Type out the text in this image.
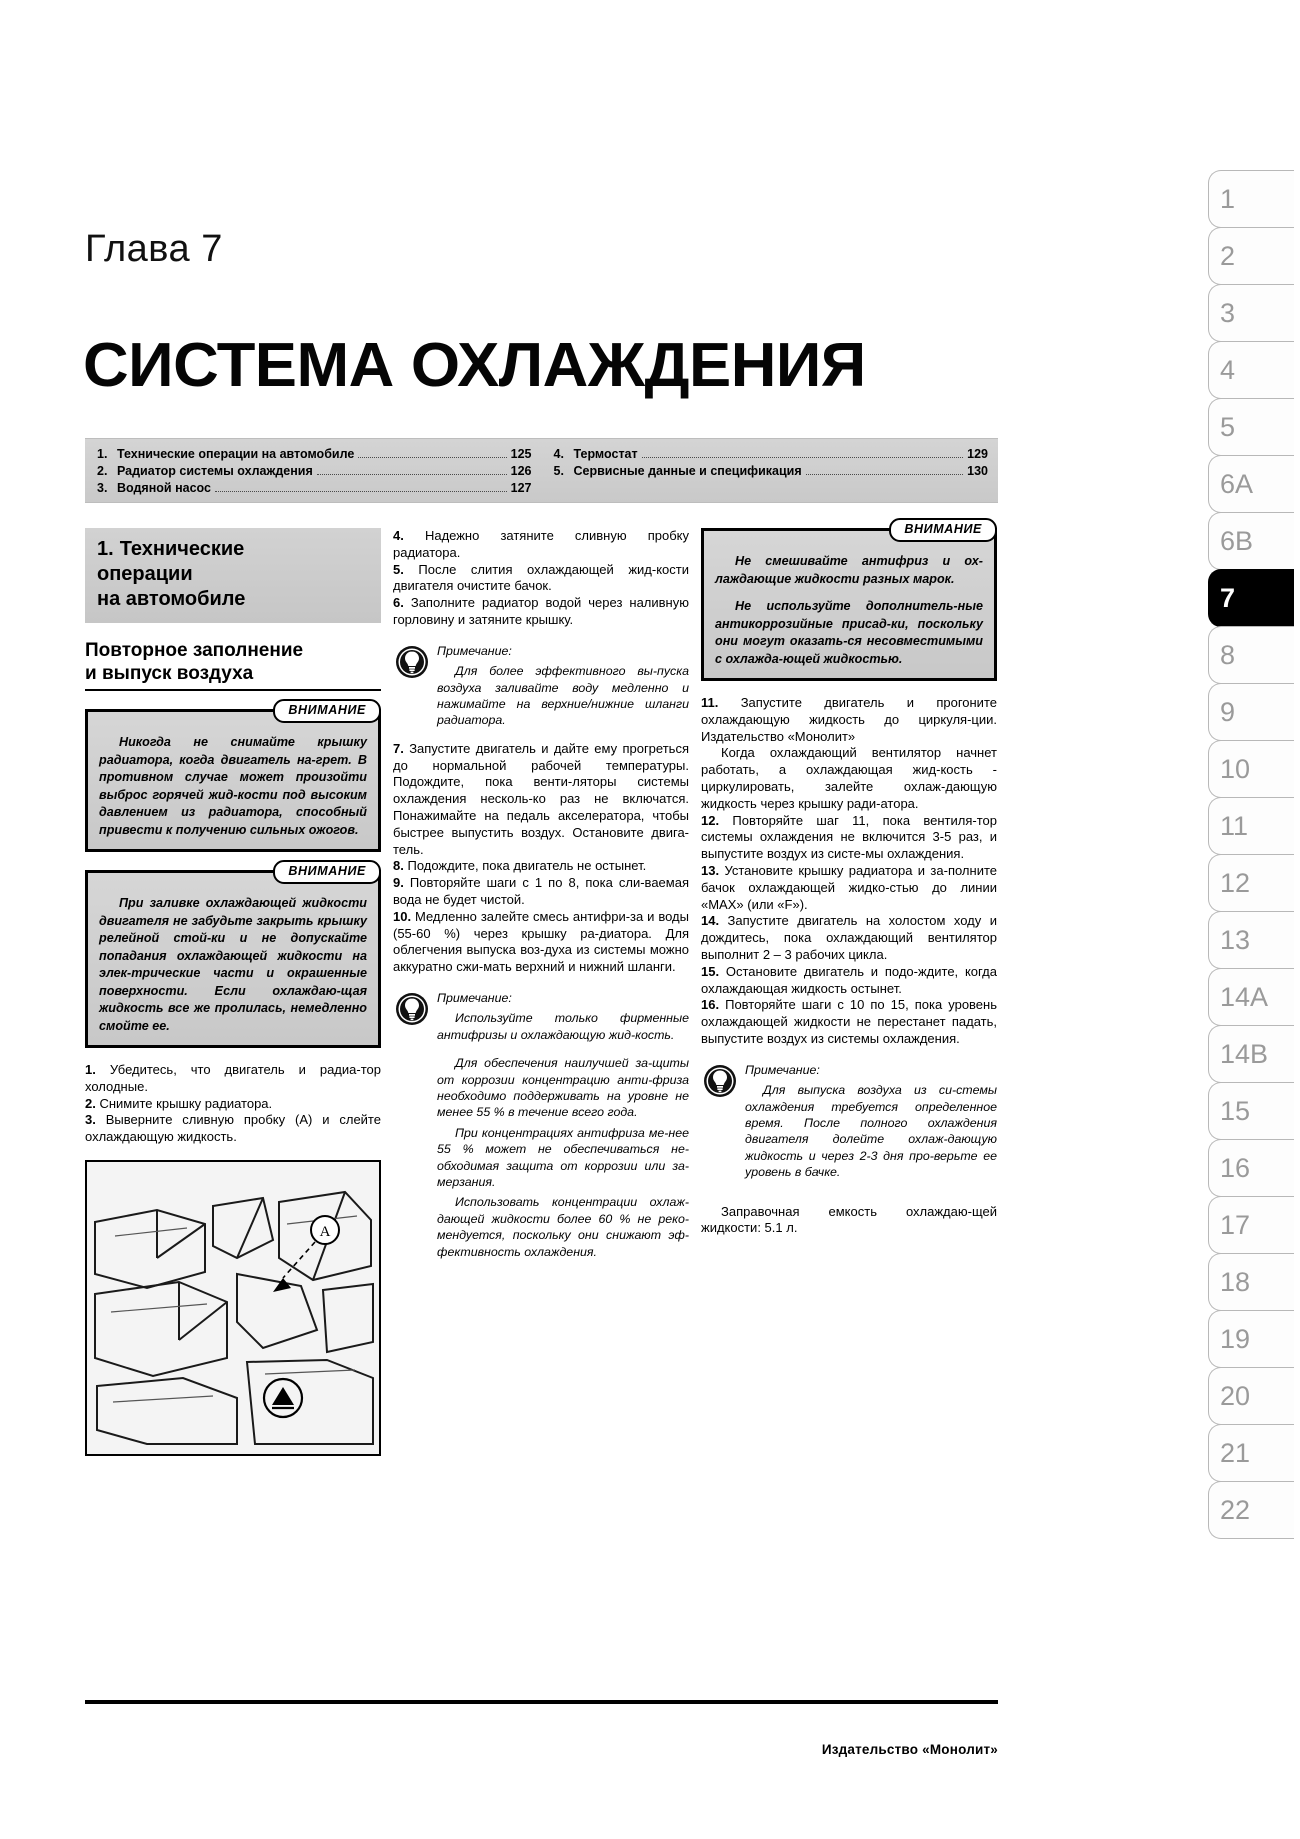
Глава 7
СИСТЕМА ОХЛАЖДЕНИЯ
1. Технические операции на автомобиле	125
2. Радиатор системы охлаждения	126
3. Водяной насос	127
4. Термостат	129
5. Сервисные данные и спецификация	130
1. Технические
операции
на автомобиле
Повторное заполнение
и выпуск воздуха
ВНИМАНИЕ

Никогда не снимайте крышку радиатора, когда двигатель на-грет. В противном случае может произойти выброс горячей жид-кости под высоким давлением из радиатора, способный привести к получению сильных ожогов.

ВНИМАНИЕ

При заливке охлаждающей жидкости двигателя не забудьте закрыть крышку релейной стой-ки и не допускайте попадания охлаждающей жидкости на элек-трические части и окрашенные поверхности. Если охлаждаю-щая жидкость все же пролилась, немедленно смойте ее.

1. Убедитесь, что двигатель и радиа-тор холодные.

2. Снимите крышку радиатора.

3. Выверните сливную пробку (А) и слейте охлаждающую жидкость.

А

4. Надежно затяните сливную пробку радиатора.

5. После слития охлаждающей жид-кости двигателя очистите бачок.

6. Заполните радиатор водой через наливную горловину и затяните крышку.

Примечание:

Для более эффективного вы-пуска воздуха заливайте воду медленно и нажимайте на верхние/нижние шланги радиатора.

7. Запустите двигатель и дайте ему прогреться до нормальной рабочей температуры. Подождите, пока венти-ляторы системы охлаждения несколь-ко раз не включатся. Понажимайте на педаль акселератора, чтобы быстрее выпустить воздух. Остановите двига-тель.

8. Подождите, пока двигатель не остынет.

9. Повторяйте шаги с 1 по 8, пока сли-ваемая вода не будет чистой.

10. Медленно залейте смесь антифри-за и воды (55-60 %) через крышку ра-диатора. Для облегчения выпуска воз-духа из системы можно аккуратно сжи-мать верхний и нижний шланги.

Примечание:

Используйте только фирменные антифризы и охлаждающую жид-кость.

Для обеспечения наилучшей за-щиты от коррозии концентрацию анти-фриза необходимо поддерживать на уровне не менее 55 % в течение всего года.

При концентрациях антифриза ме-нее 55 % может не обеспечиваться не-обходимая защита от коррозии или за-мерзания.

Использовать концентрации охлаж-дающей жидкости более 60 % не реко-мендуется, поскольку они снижают эф-фективность охлаждения.

ВНИМАНИЕ

Не смешивайте антифриз и ох-лаждающие жидкости разных марок.

Не используйте дополнитель-ные антикоррозийные присад-ки, поскольку они могут оказать-ся несовместимыми с охлажда-ющей жидкостью.

11. Запустите двигатель и прогоните охлаждающую жидкость до циркуля-ции. Издательство «Монолит»

Когда охлаждающий вентилятор начнет работать, а охлаждающая жид-кость - циркулировать, залейте охлаж-дающую жидкость через крышку ради-атора.

12. Повторяйте шаг 11, пока вентиля-тор системы охлаждения не включится 3-5 раз, и выпустите воздух из систе-мы охлаждения.

13. Установите крышку радиатора и за-полните бачок охлаждающей жидко-стью до линии «МАХ» (или «F»).

14. Запустите двигатель на холостом ходу и дождитесь, пока охлаждающий вентилятор выполнит 2 – 3 рабочих цикла.

15. Остановите двигатель и подо-ждите, когда охлаждающая жидкость остынет.

16. Повторяйте шаги с 10 по 15, пока уровень охлаждающей жидкости не перестанет падать, выпустите воздух из системы охлаждения.

Примечание:

Для выпуска воздуха из си-стемы охлаждения требуется определенное время. После полного охлаждения двигателя долейте охлаж-дающую жидкость и через 2-3 дня про-верьте ее уровень в бачке.

Заправочная емкость охлаждаю-щей жидкости: 5.1 л.

1
2
3
4
5
6A
6B
7
8
9
10
11
12
13
14A
14B
15
16
17
18
19
20
21
22
Издательство «Монолит»
